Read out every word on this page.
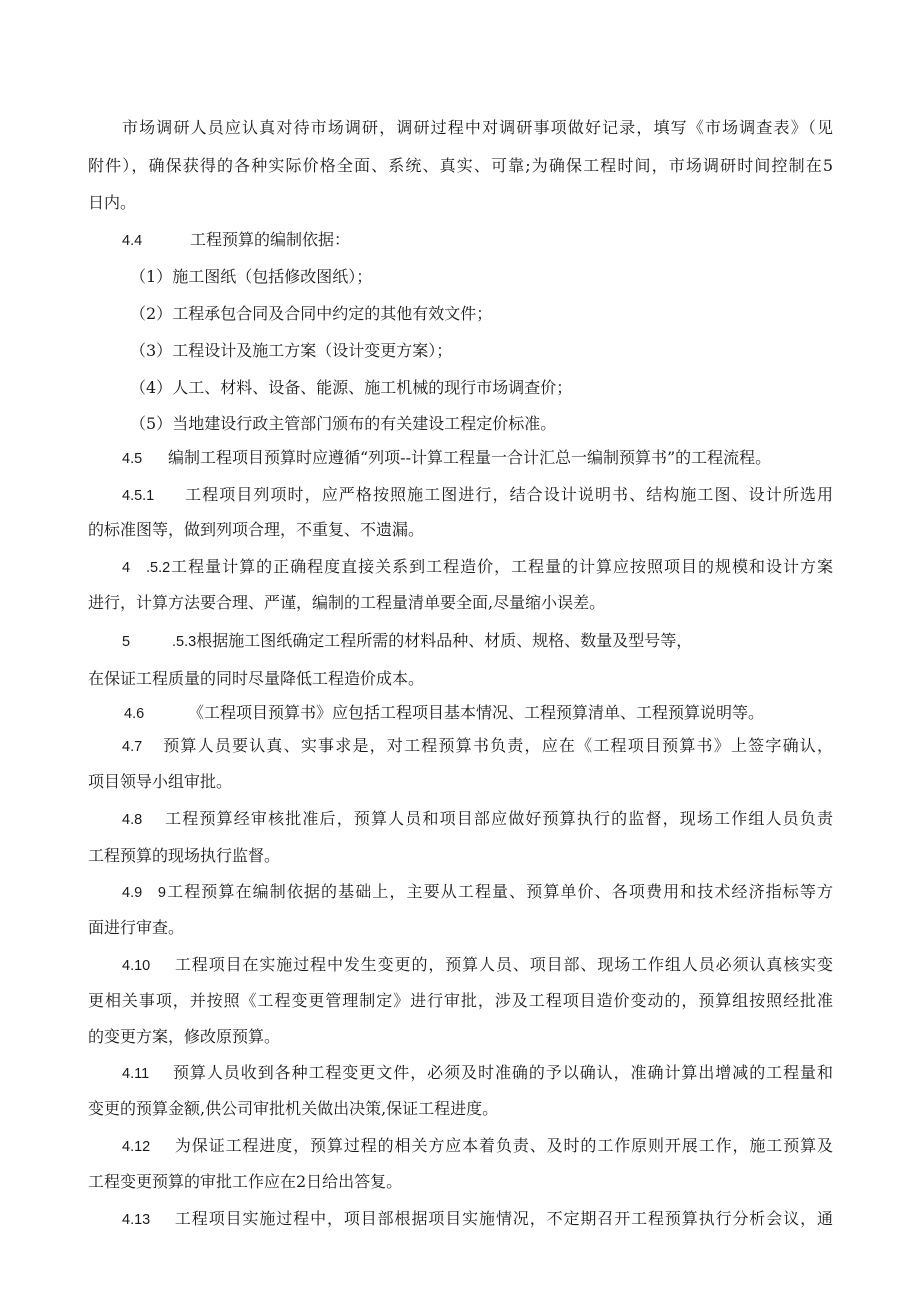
市场调研人员应认真对待市场调研，调研过程中对调研事项做好记录，填写《市场调查表》（见
附件），确保获得的各种实际价格全面、系统、真实、可靠;为确保工程时间，市场调研时间控制在5
日内。
4.4	工程预算的编制依据：
（1）施工图纸（包括修改图纸）；
（2）工程承包合同及合同中约定的其他有效文件；
（3）工程设计及施工方案（设计变更方案）；
（4）人工、材料、设备、能源、施工机械的现行市场调查价；
（5）当地建设行政主管部门颁布的有关建设工程定价标准。
4.5 编制工程项目预算时应遵循“列项--计算工程量一合计汇总一编制预算书”的工程流程。
4.5.1 工程项目列项时，应严格按照施工图进行，结合设计说明书、结构施工图、设计所选用
的标准图等，做到列项合理，不重复、不遗漏。
4 .5.2工程量计算的正确程度直接关系到工程造价，工程量的计算应按照项目的规模和设计方案
进行，计算方法要合理、严谨，编制的工程量清单要全面,尽量缩小误差。
5	.5.3根据施工图纸确定工程所需的材料品种、材质、规格、数量及型号等，
在保证工程质量的同时尽量降低工程造价成本。
4.6	《工程项目预算书》应包括工程项目基本情况、工程预算清单、工程预算说明等。
4.7 预算人员要认真、实事求是，对工程预算书负责，应在《工程项目预算书》上签字确认，
项目领导小组审批。
4.8 工程预算经审核批准后，预算人员和项目部应做好预算执行的监督，现场工作组人员负责
工程预算的现场执行监督。
4.9 9工程预算在编制依据的基础上，主要从工程量、预算单价、各项费用和技术经济指标等方
面进行审查。
4.10 工程项目在实施过程中发生变更的，预算人员、项目部、现场工作组人员必须认真核实变
更相关事项，并按照《工程变更管理制定》进行审批，涉及工程项目造价变动的，预算组按照经批准
的变更方案，修改原预算。
4.11 预算人员收到各种工程变更文件，必须及时准确的予以确认，准确计算出增减的工程量和
变更的预算金额,供公司审批机关做出决策,保证工程进度。
4.12 为保证工程进度，预算过程的相关方应本着负责、及时的工作原则开展工作，施工预算及
工程变更预算的审批工作应在2日给出答复。
4.13 工程项目实施过程中，项目部根据项目实施情况，不定期召开工程预算执行分析会议，通
